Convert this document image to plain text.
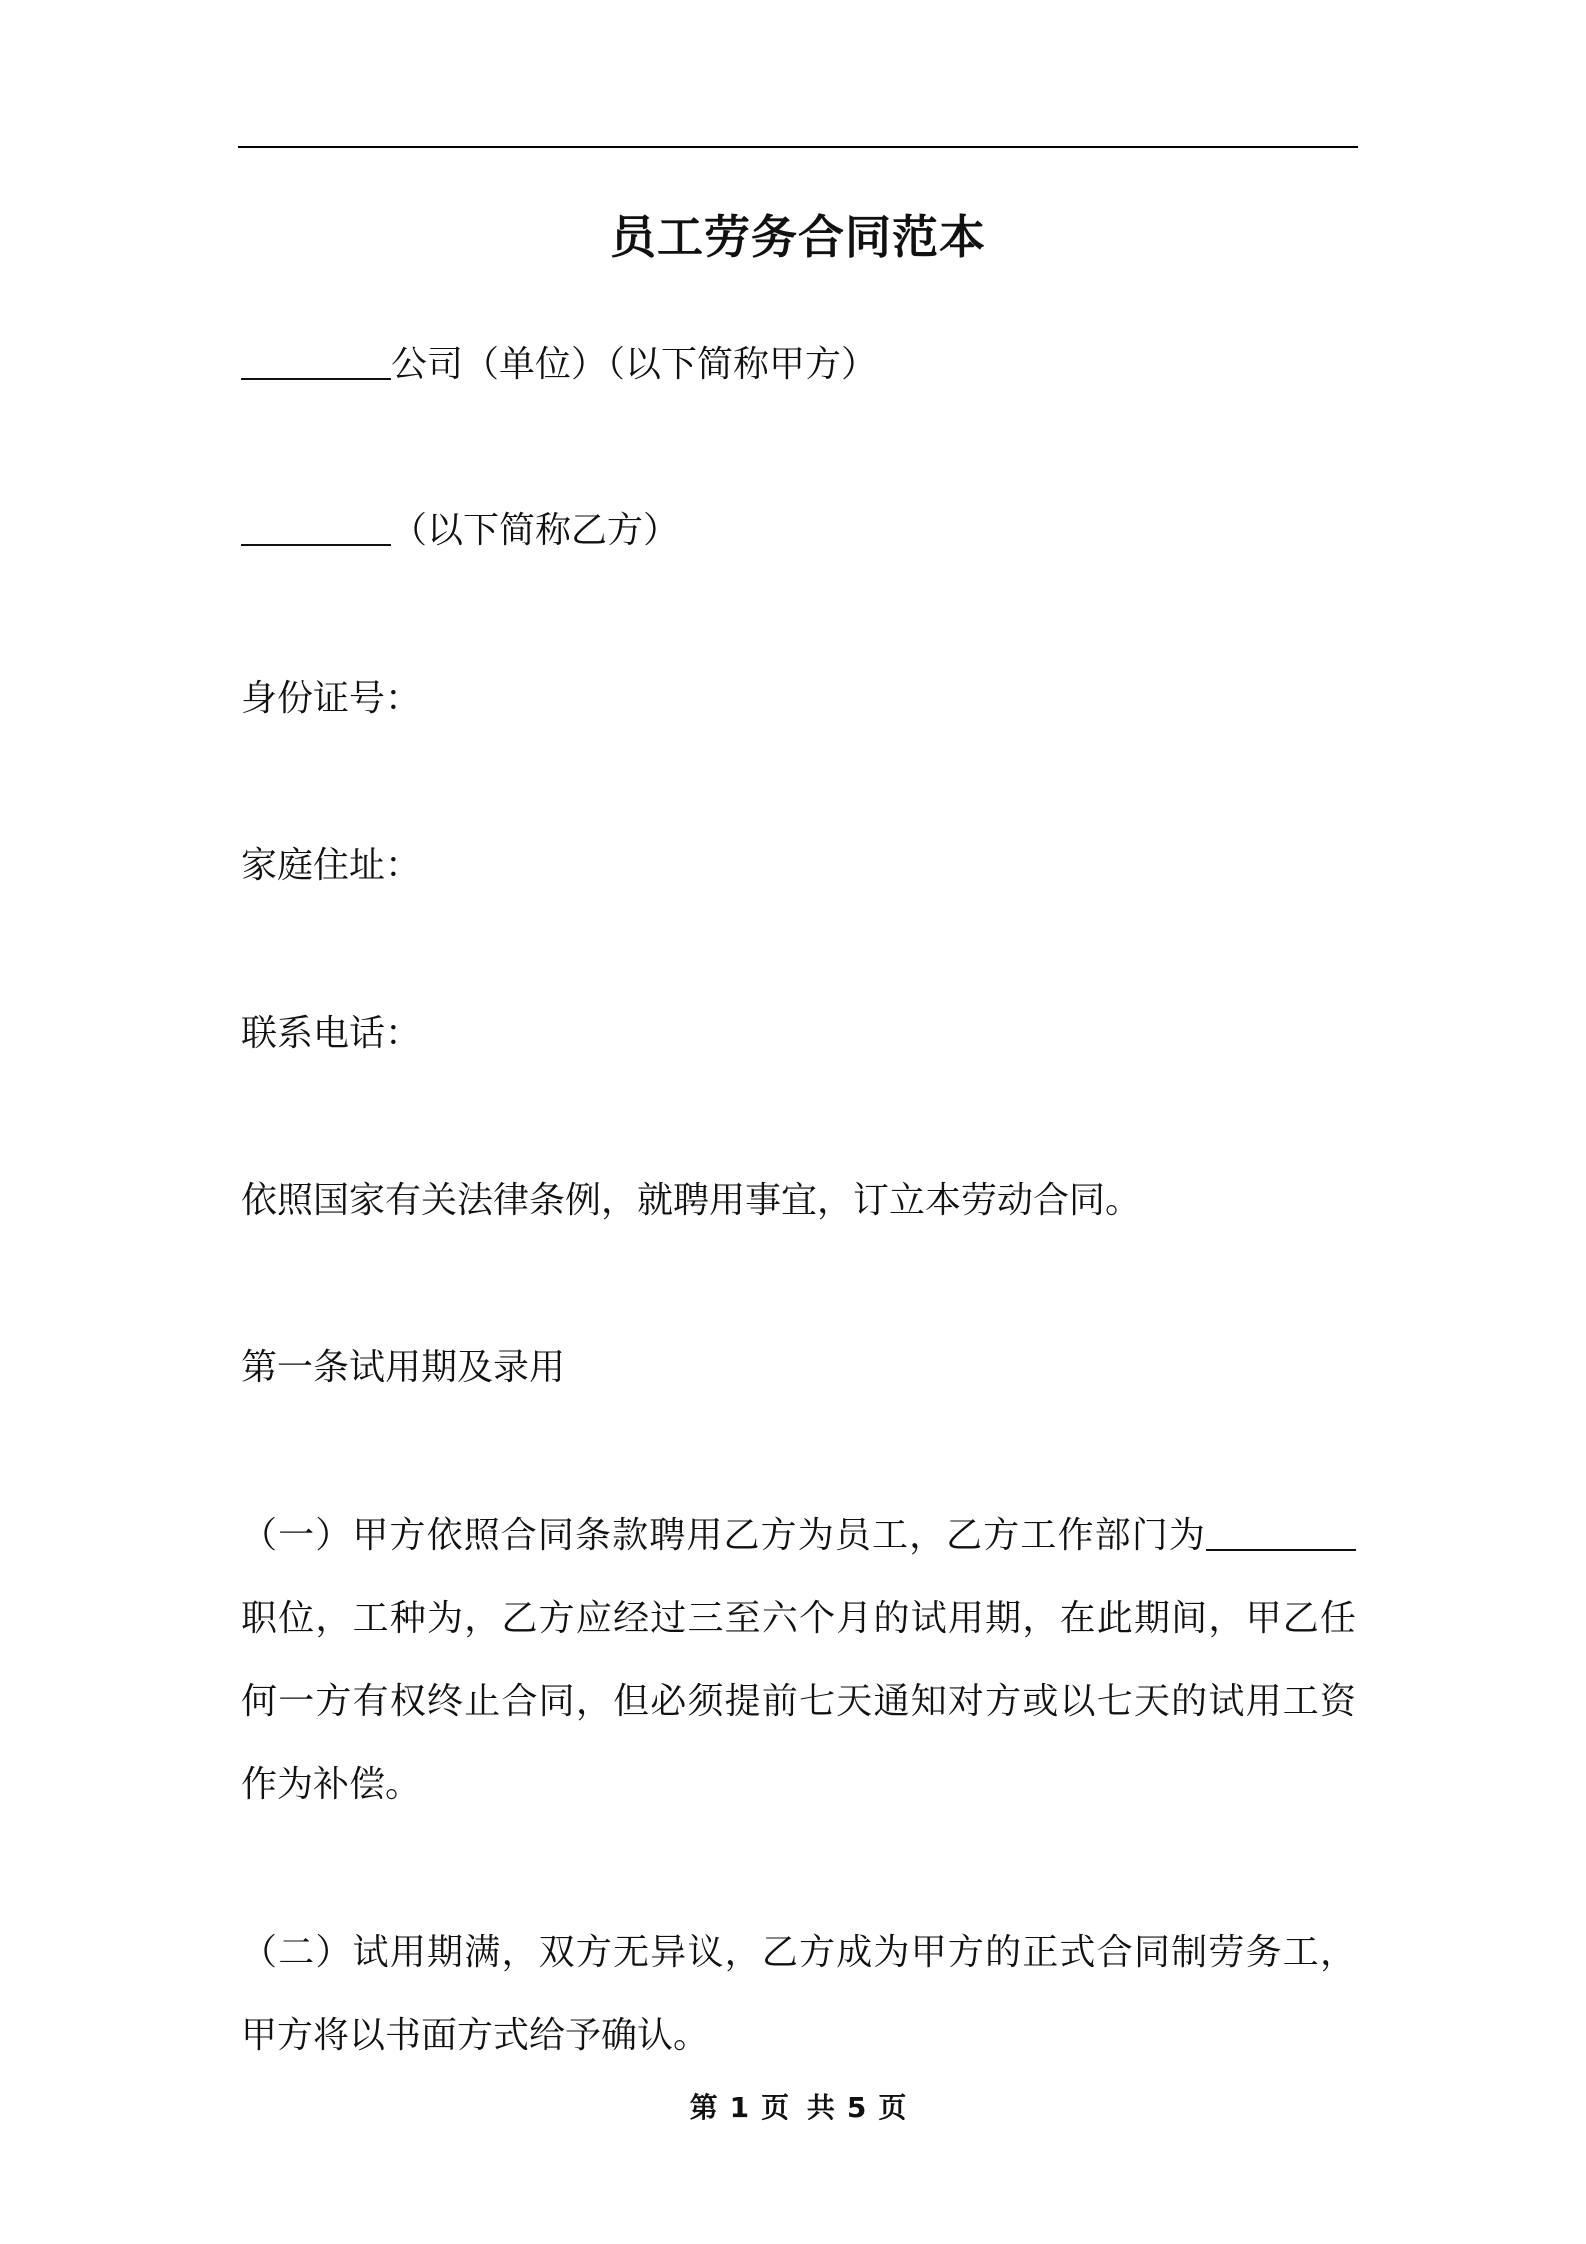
员工劳务合同范本

公司（单位）（以下简称甲方）

（以下简称乙方）

身份证号：

家庭住址：

联系电话：

依照国家有关法律条例，就聘用事宜，订立本劳动合同。

第一条试用期及录用

（一）甲方依照合同条款聘用乙方为员工，乙方工作部门为
职位，工种为，乙方应经过三至六个月的试用期，在此期间，甲乙任
何一方有权终止合同，但必须提前七天通知对方或以七天的试用工资
作为补偿。
（二）试用期满，双方无异议，乙方成为甲方的正式合同制劳务工，
甲方将以书面方式给予确认。
第 1 页 共 5 页
